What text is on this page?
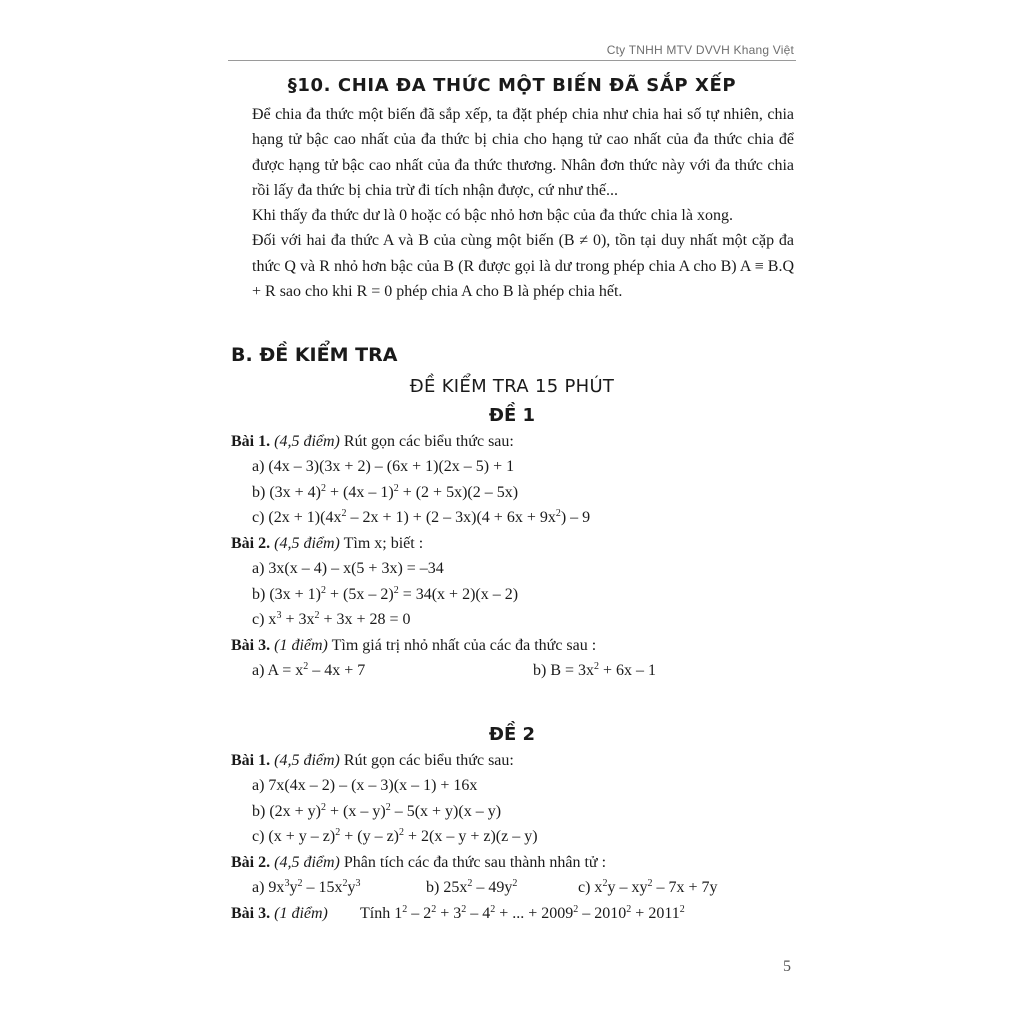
Cty TNHH MTV DVVH Khang Việt
§10. CHIA ĐA THỨC MỘT BIẾN ĐÃ SẮP XẾP

Để chia đa thức một biến đã sắp xếp, ta đặt phép chia như chia hai số tự nhiên, chia hạng tử bậc cao nhất của đa thức bị chia cho hạng tử cao nhất của đa thức chia để được hạng tử bậc cao nhất của đa thức thương. Nhân đơn thức này với đa thức chia rồi lấy đa thức bị chia trừ đi tích nhận được, cứ như thế...

Khi thấy đa thức dư là 0 hoặc có bậc nhỏ hơn bậc của đa thức chia là xong.

Đối với hai đa thức A và B của cùng một biến (B ≠ 0), tồn tại duy nhất một cặp đa thức Q và R nhỏ hơn bậc của B (R được gọi là dư trong phép chia A cho B) A ≡ B.Q + R sao cho khi R = 0 phép chia A cho B là phép chia hết.

B. ĐỀ KIỂM TRA
ĐỀ KIỂM TRA 15 PHÚT
ĐỀ 1
Bài 1. (4,5 điểm) Rút gọn các biểu thức sau:
a) (4x – 3)(3x + 2) – (6x + 1)(2x – 5) + 1
b) $(3x + 4)^2 + (4x - 1)^2 + (2 + 5x)(2 - 5x)$
c) $(2x + 1)(4x^2 - 2x + 1) + (2 - 3x)(4 + 6x + 9x^2) - 9$
Bài 2. (4,5 điểm) Tìm x; biết :
a) 3x(x – 4) – x(5 + 3x) = –34
b) $(3x + 1)^2 + (5x - 2)^2 = 34(x + 2)(x - 2)$
c) $x^3 + 3x^2 + 3x + 28 = 0$
Bài 3. (1 điểm) Tìm giá trị nhỏ nhất của các đa thức sau :
a) $A = x^2 - 4x + 7$	b) $B = 3x^2 + 6x - 1$
ĐỀ 2
Bài 1. (4,5 điểm) Rút gọn các biểu thức sau:
a) 7x(4x – 2) – (x – 3)(x – 1) + 16x
b) $(2x + y)^2 + (x - y)^2 - 5(x + y)(x - y)$
c) $(x + y - z)^2 + (y - z)^2 + 2(x - y + z)(z - y)$
Bài 2. (4,5 điểm) Phân tích các đa thức sau thành nhân tử :
a) $9x^3y^2 - 15x^2y^3$	b) $25x^2 - 49y^2$	c) $x^2y - xy^2 - 7x + 7y$
Bài 3. (1 điểm) Tính $1^2 - 2^2 + 3^2 - 4^2$ + ... + $2009^2 - 2010^2 + 2011^2$
5
